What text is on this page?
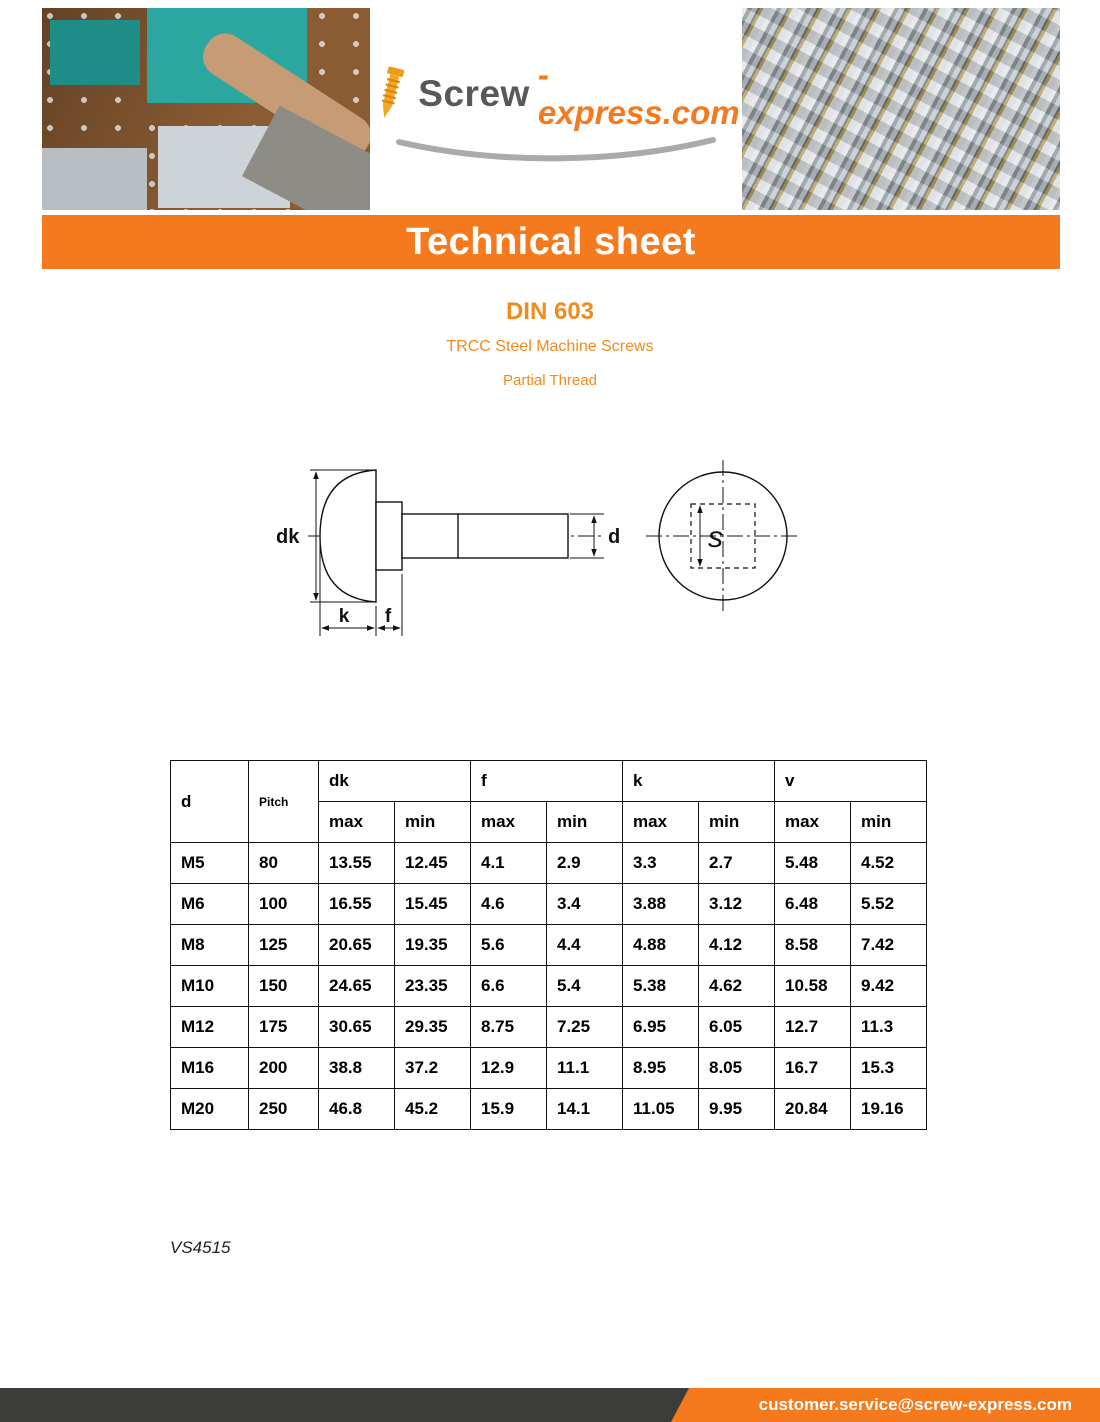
Screw -express.com
Technical sheet
DIN 603
TRCC Steel Machine Screws
Partial Thread
dk	d
k f
s
d	Pitch	dk		f		k		v	
		max	min	max	min	max	min	max	min
M5	80	13.55	12.45	4.1	2.9	3.3	2.7	5.48	4.52
M6	100	16.55	15.45	4.6	3.4	3.88	3.12	6.48	5.52
M8	125	20.65	19.35	5.6	4.4	4.88	4.12	8.58	7.42
M10	150	24.65	23.35	6.6	5.4	5.38	4.62	10.58	9.42
M12	175	30.65	29.35	8.75	7.25	6.95	6.05	12.7	11.3
M16	200	38.8	37.2	12.9	11.1	8.95	8.05	16.7	15.3
M20	250	46.8	45.2	15.9	14.1	11.05	9.95	20.84	19.16
VS4515
customer.service@screw-express.com
